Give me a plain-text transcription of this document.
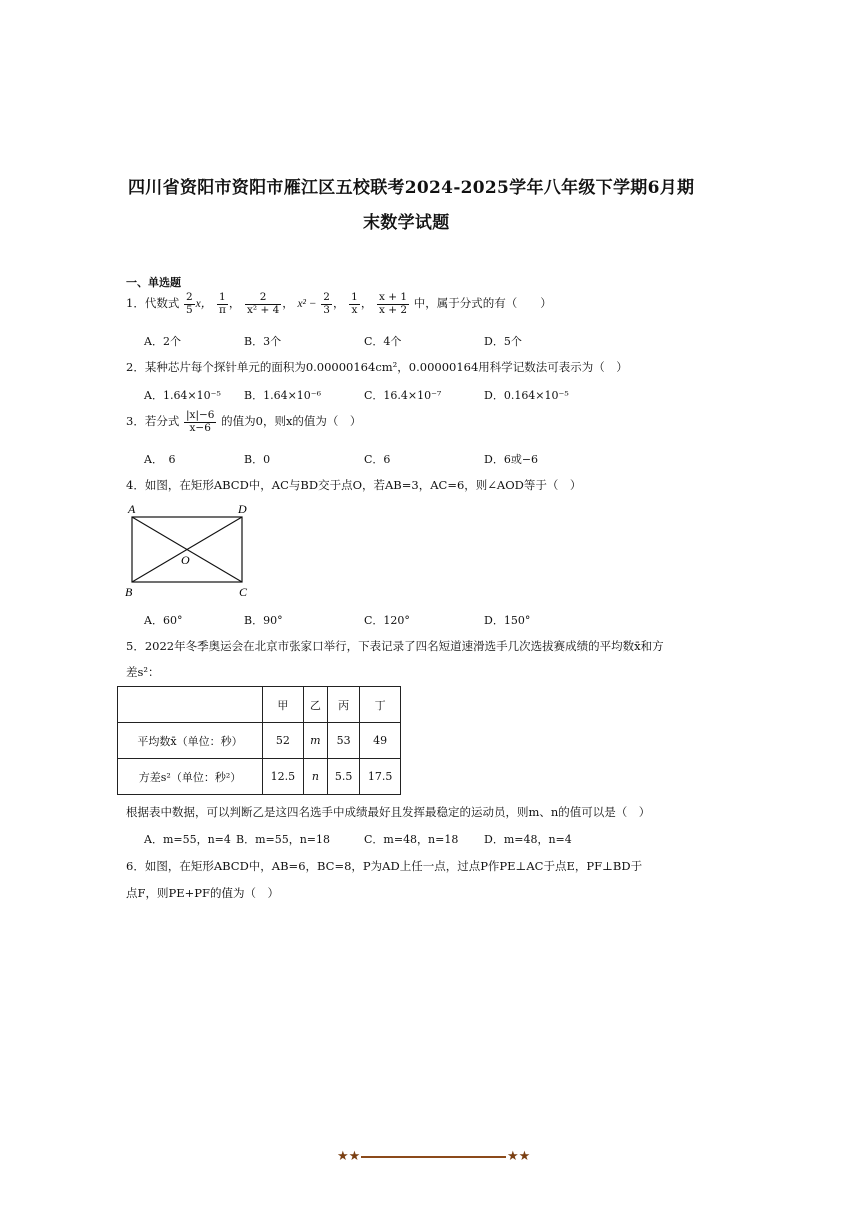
四川省资阳市资阳市雁江区五校联考2024-2025学年八年级下学期6月期
末数学试题
一、单选题
1．代数式 $\frac{2}{5}$ x， $\frac{1}{\pi}$ ， $\frac{2}{\text{x² + 4}}$ ， $x^2 - \frac{2}{3}$ ， $\frac{1}{x}$ ， $\frac{x + 1}{x + 2}$ 中，属于分式的有（　　）
A．2个	B．3个	C．4个	D．5个
2．某种芯片每个探针单元的面积为0.00000164cm²，0.00000164用科学记数法可表示为（　）
A．1.64×10⁻⁵ B．1.64×10⁻⁶	C．16.4×10⁻⁷	D．0.164×10⁻⁵
3．若分式 $\frac{|x|-6}{x-6}$ 的值为0，则x的值为（　）
A．　6	B．0	C．6	D．6或−6
4．如图，在矩形ABCD中，AC与BD交于点O，若AB=3，AC=6，则∠AOD等于（　）
A	D
O
B	C
A．60°	B．90°	C．120°	D．150°
5．2022年冬季奥运会在北京市张家口举行，下表记录了四名短道速滑选手几次选拔赛成绩的平均数x̄和方
差s²：
	甲	乙	丙	丁
平均数x̄（单位：秒）	52	m	53	49
方差s²（单位：秒²）	12.5	n	5.5	17.5
根据表中数据，可以判断乙是这四名选手中成绩最好且发挥最稳定的运动员，则m、n的值可以是（　）
A．m=55，n=4 B．m=55，n=18	C．m=48，n=18 D．m=48，n=4
6．如图，在矩形ABCD中，AB=6，BC=8，P为AD上任一点，过点P作PE⊥AC于点E，PF⊥BD于
点F，则PE+PF的值为（　）
★★	★★
